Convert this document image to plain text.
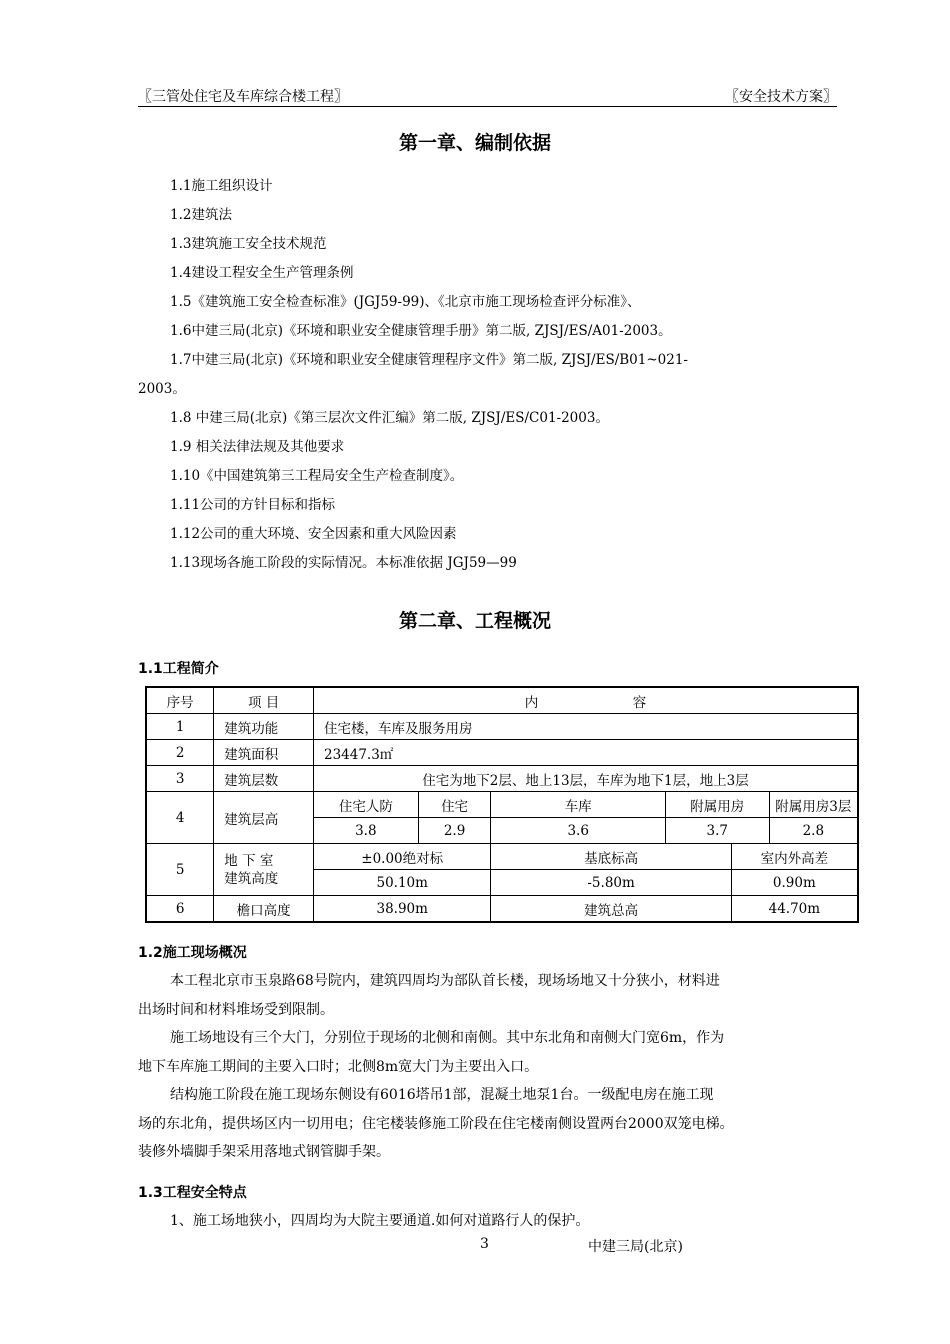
〖三管处住宅及车库综合楼工程〗	〖安全技术方案〗
第一章、编制依据

1.1施工组织设计

1.2建筑法

1.3建筑施工安全技术规范

1.4建设工程安全生产管理条例

1.5《建筑施工安全检查标准》(JGJ59-99)、《北京市施工现场检查评分标准》、

1.6中建三局(北京)《环境和职业安全健康管理手册》第二版, ZJSJ/ES/A01-2003。

1.7中建三局(北京)《环境和职业安全健康管理程序文件》第二版, ZJSJ/ES/B01~021-

2003。

1.8 中建三局(北京)《第三层次文件汇编》第二版, ZJSJ/ES/C01-2003。

1.9 相关法律法规及其他要求

1.10《中国建筑第三工程局安全生产检查制度》。

1.11公司的方针目标和指标

1.12公司的重大环境、安全因素和重大风险因素

1.13现场各施工阶段的实际情况。本标准依据 JGJ59—99

第二章、工程概况
1.1工程简介
序号	项 目	内　　　　　　　容					
1	建筑功能	住宅楼，车库及服务用房					
2	建筑面积	23447.3㎡					
3	建筑层数	住宅为地下2层、地上13层，车库为地下1层，地上3层					
4	建筑层高	住宅人防	住宅	车库	附属用房		附属用房3层
		3.8	2.9	3.6	3.7		2.8
5	地 下 室
建筑高度	±0.00绝对标		基底标高		室内外高差	
		50.10m		-5.80m		0.90m	
6	檐口高度	38.90m		建筑总高		44.70m	
1.2施工现场概况
本工程北京市玉泉路68号院内，建筑四周均为部队首长楼，现场场地又十分狭小，材料进
出场时间和材料堆场受到限制。
施工场地设有三个大门，分别位于现场的北侧和南侧。其中东北角和南侧大门宽6m，作为
地下车库施工期间的主要入口时；北侧8m宽大门为主要出入口。
结构施工阶段在施工现场东侧设有6016塔吊1部，混凝土地泵1台。一级配电房在施工现
场的东北角，提供场区内一切用电；住宅楼装修施工阶段在住宅楼南侧设置两台2000双笼电梯。
装修外墙脚手架采用落地式钢管脚手架。
1.3工程安全特点
1、施工场地狭小，四周均为大院主要通道.如何对道路行人的保护。
3	中建三局(北京)
